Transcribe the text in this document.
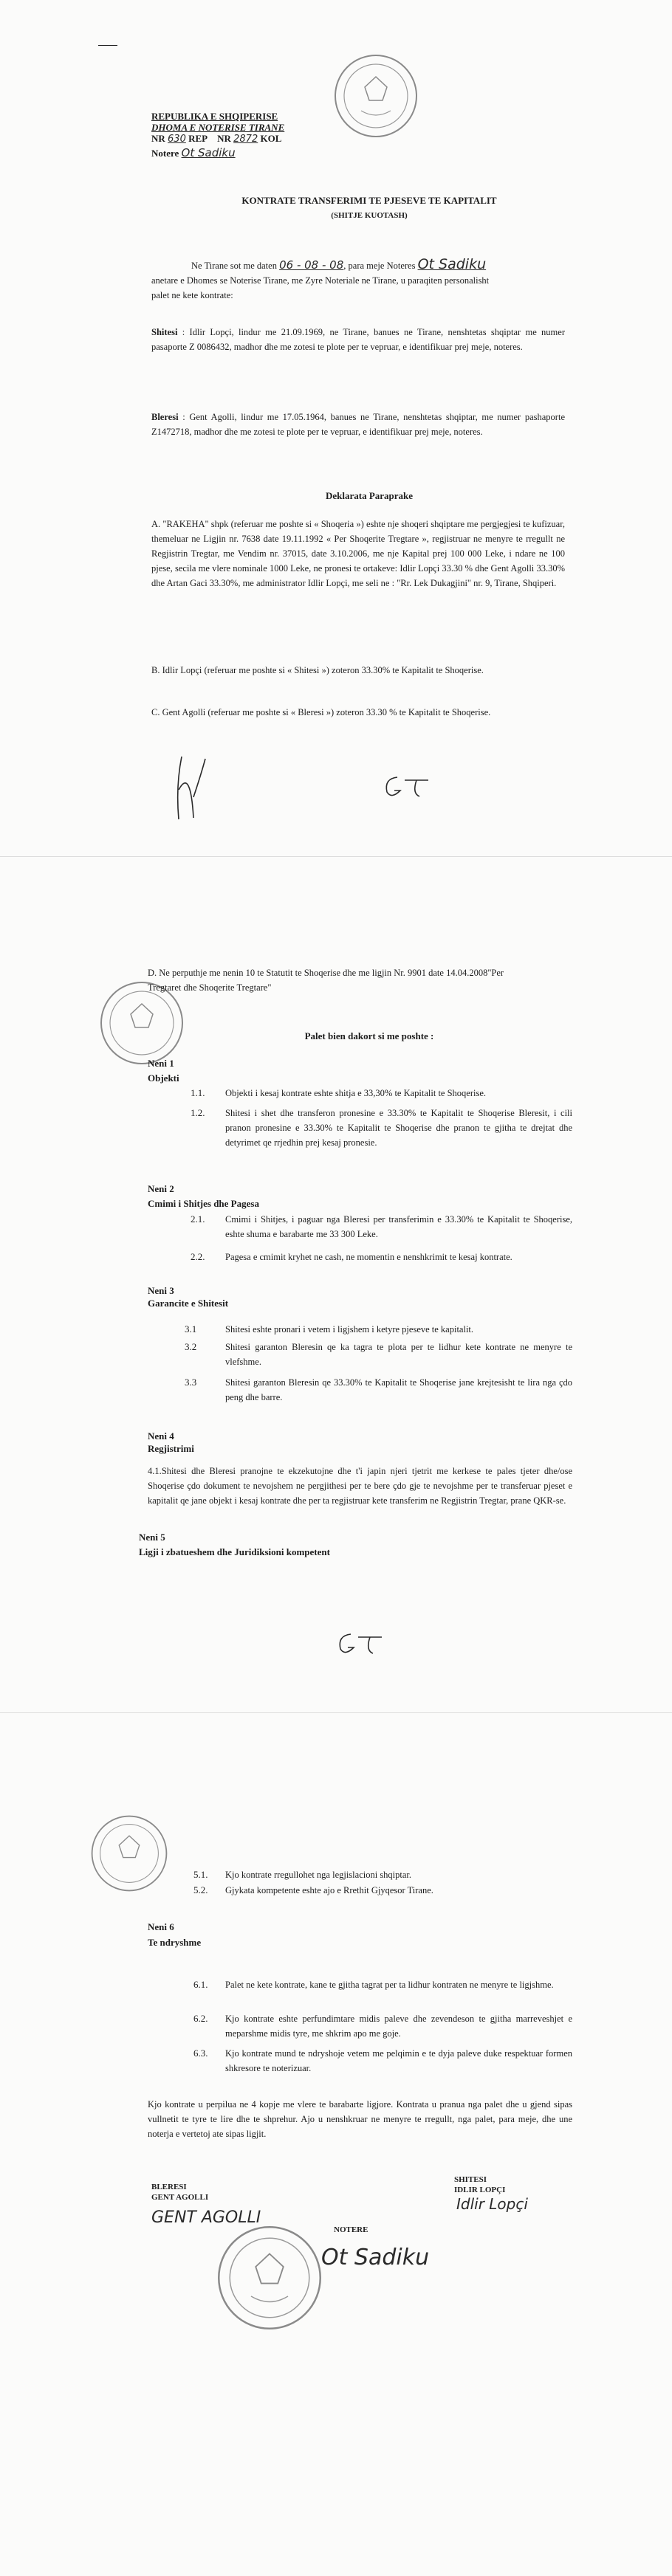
REPUBLIKA E SHQIPERISE

DHOMA E NOTERISE TIRANE

NR 630 REP NR 2872 KOL
Notere Ot Sadiku

KONTRATE TRANSFERIMI TE PJESEVE TE KAPITALIT

(SHITJE KUOTASH)

Ne Tirane sot me daten 06 - 08 - 08, para meje Noteres Ot Sadiku

anetare e Dhomes se Noterise Tirane, me Zyre Noteriale ne Tirane, u paraqiten personalisht

palet ne kete kontrate:

Shitesi : Idlir Lopçi, lindur me 21.09.1969, ne Tirane, banues ne Tirane, nenshtetas shqiptar me numer pasaporte Z 0086432, madhor dhe me zotesi te plote per te vepruar, e identifikuar prej meje, noteres.

Bleresi : Gent Agolli, lindur me 17.05.1964, banues ne Tirane, nenshtetas shqiptar, me numer pashaporte Z1472718, madhor dhe me zotesi te plote per te vepruar, e identifikuar prej meje, noteres.

Deklarata Paraprake

A. "RAKEHA" shpk (referuar me poshte si « Shoqeria ») eshte nje shoqeri shqiptare me pergjegjesi te kufizuar, themeluar ne Ligjin nr. 7638 date 19.11.1992 « Per Shoqerite Tregtare », regjistruar ne menyre te rregullt ne Regjistrin Tregtar, me Vendim nr. 37015, date 3.10.2006, me nje Kapital prej 100 000 Leke, i ndare ne 100 pjese, secila me vlere nominale 1000 Leke, ne pronesi te ortakeve: Idlir Lopçi 33.30 % dhe Gent Agolli 33.30% dhe Artan Gaci 33.30%, me administrator Idlir Lopçi, me seli ne : "Rr. Lek Dukagjini" nr. 9, Tirane, Shqiperi.

B. Idlir Lopçi (referuar me poshte si « Shitesi ») zoteron 33.30% te Kapitalit te Shoqerise.

C. Gent Agolli (referuar me poshte si « Bleresi ») zoteron 33.30 % te Kapitalit te Shoqerise.

D. Ne perputhje me nenin 10 te Statutit te Shoqerise dhe me ligjin Nr. 9901 date 14.04.2008"Per

Tregtaret dhe Shoqerite Tregtare"

Palet bien dakort si me poshte :

Neni 1

Objekti

1.1. Objekti i kesaj kontrate eshte shitja e 33,30% te Kapitalit te Shoqerise.

1.2. Shitesi i shet dhe transferon pronesine e 33.30% te Kapitalit te Shoqerise Bleresit, i cili pranon pronesine e 33.30% te Kapitalit te Shoqerise dhe pranon te gjitha te drejtat dhe detyrimet qe rrjedhin prej kesaj pronesie.

Neni 2

Cmimi i Shitjes dhe Pagesa

2.1. Cmimi i Shitjes, i paguar nga Bleresi per transferimin e 33.30% te Kapitalit te Shoqerise, eshte shuma e barabarte me 33 300 Leke.

2.2. Pagesa e cmimit kryhet ne cash, ne momentin e nenshkrimit te kesaj kontrate.

Neni 3

Garancite e Shitesit

3.1	Shitesi eshte pronari i vetem i ligjshem i ketyre pjeseve te kapitalit.

3.2	Shitesi garanton Bleresin qe ka tagra te plota per te lidhur kete kontrate ne menyre te vlefshme.

3.3	Shitesi garanton Bleresin qe 33.30% te Kapitalit te Shoqerise jane krejtesisht te lira nga çdo peng dhe barre.

Neni 4

Regjistrimi

4.1.Shitesi dhe Bleresi pranojne te ekzekutojne dhe t'i japin njeri tjetrit me kerkese te pales tjeter dhe/ose Shoqerise çdo dokument te nevojshem ne pergjithesi per te bere çdo gje te nevojshme per te transferuar pjeset e kapitalit qe jane objekt i kesaj kontrate dhe per ta regjistruar kete transferim ne Regjistrin Tregtar, prane QKR-se.

Neni 5

Ligji i zbatueshem dhe Juridiksioni kompetent

5.1. Kjo kontrate rregullohet nga legjislacioni shqiptar.

5.2. Gjykata kompetente eshte ajo e Rrethit Gjyqesor Tirane.

Neni 6

Te ndryshme

6.1. Palet ne kete kontrate, kane te gjitha tagrat per ta lidhur kontraten ne menyre te ligjshme.

6.2. Kjo kontrate eshte perfundimtare midis paleve dhe zevendeson te gjitha marreveshjet e meparshme midis tyre, me shkrim apo me goje.

6.3. Kjo kontrate mund te ndryshoje vetem me pelqimin e te dyja paleve duke respektuar formen shkresore te noterizuar.

Kjo kontrate u perpilua ne 4 kopje me vlere te barabarte ligjore. Kontrata u pranua nga palet dhe u gjend sipas vullnetit te tyre te lire dhe te shprehur. Ajo u nenshkruar ne menyre te rregullt, nga palet, para meje, dhe une noterja e vertetoj ate sipas ligjit.

BLERESI

GENT AGOLLI

SHITESI

IDLIR LOPÇI

GENT AGOLLI

Idlir Lopçi

NOTERE

Ot Sadiku
